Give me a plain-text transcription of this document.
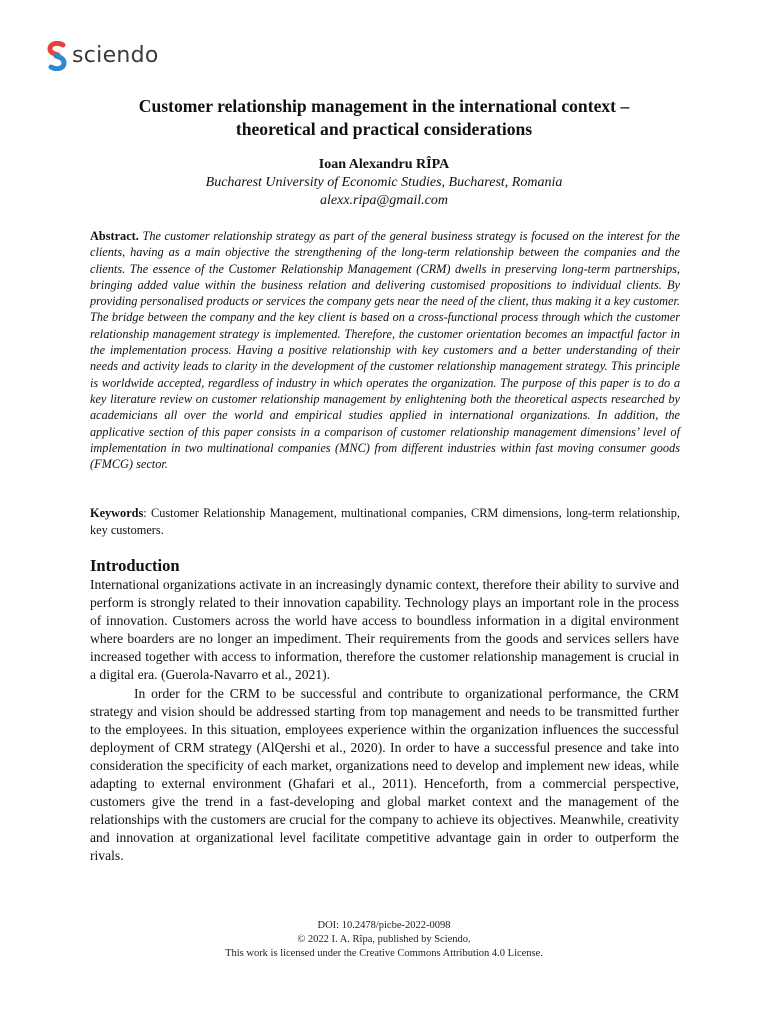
sciendo
Customer relationship management in the international context –
theoretical and practical considerations
Ioan Alexandru RÎPA
Bucharest University of Economic Studies, Bucharest, Romania
alexx.ripa@gmail.com

Abstract. The customer relationship strategy as part of the general business strategy is focused on the interest for the clients, having as a main objective the strengthening of the long-term relationship between the companies and the clients. The essence of the Customer Relationship Management (CRM) dwells in preserving long-term partnerships, bringing added value within the business relation and delivering customised propositions to individual clients. By providing personalised products or services the company gets near the need of the client, thus making it a key customer. The bridge between the company and the key client is based on a cross-functional process through which the customer relationship management strategy is implemented. Therefore, the customer orientation becomes an impactful factor in the implementation process. Having a positive relationship with key customers and a better understanding of their needs and activity leads to clarity in the development of the customer relationship management strategy. This principle is worldwide accepted, regardless of industry in which operates the organization. The purpose of this paper is to do a key literature review on customer relationship management by enlightening both the theoretical aspects researched by academicians all over the world and empirical studies applied in international organizations. In addition, the applicative section of this paper consists in a comparison of customer relationship management dimensions’ level of implementation in two multinational companies (MNC) from different industries within fast moving consumer goods (FMCG) sector.

Keywords: Customer Relationship Management, multinational companies, CRM dimensions, long-term relationship, key customers.

Introduction

International organizations activate in an increasingly dynamic context, therefore their ability to survive and perform is strongly related to their innovation capability. Technology plays an important role in the process of innovation. Customers across the world have access to boundless information in a digital environment where boarders are no longer an impediment. Their requirements from the goods and services sellers have increased together with access to information, therefore the customer relationship management is crucial in a digital era. (Guerola-Navarro et al., 2021).

In order for the CRM to be successful and contribute to organizational performance, the CRM strategy and vision should be addressed starting from top management and needs to be transmitted further to the employees. In this situation, employees experience within the organization influences the successful deployment of CRM strategy (AlQershi et al., 2020). In order to have a successful presence and take into consideration the specificity of each market, organizations need to develop and implement new ideas, while adapting to external environment (Ghafari et al., 2011). Henceforth, from a commercial perspective, customers give the trend in a fast-developing and global market context and the management of the relationships with the customers are crucial for the company to achieve its objectives. Meanwhile, creativity and innovation at organizational level facilitate competitive advantage gain in order to outperform the rivals.

DOI: 10.2478/picbe-2022-0098
© 2022 I. A. Rîpa, published by Sciendo.
This work is licensed under the Creative Commons Attribution 4.0 License.
